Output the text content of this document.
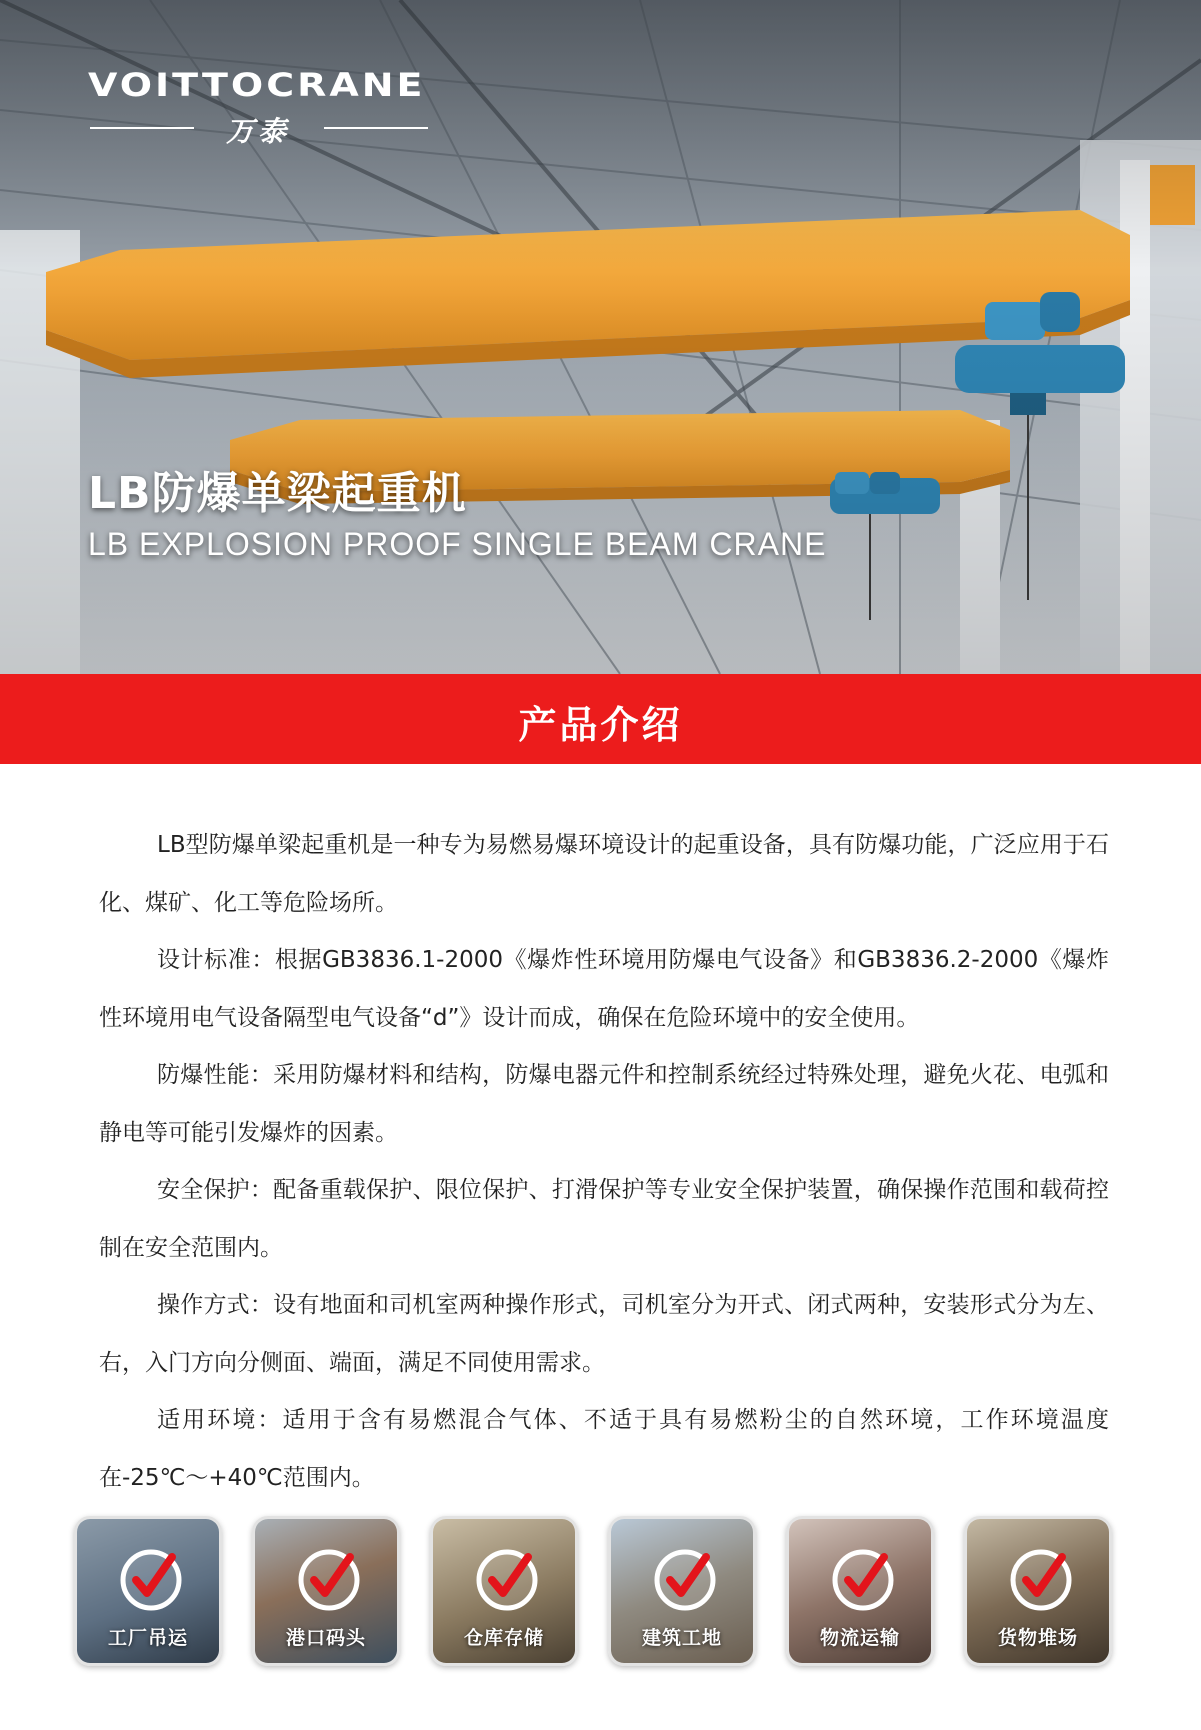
VOITTOCRANE
万泰
LB防爆单梁起重机
LB EXPLOSION PROOF SINGLE BEAM CRANE
产品介绍

LB型防爆单梁起重机是一种专为易燃易爆环境设计的起重设备，具有防爆功能，广泛应用于石化、煤矿、化工等危险场所。

设计标准：根据GB3836.1-2000《爆炸性环境用防爆电气设备》和GB3836.2-2000《爆炸性环境用电气设备隔型电气设备“d”》设计而成，确保在危险环境中的安全使用。

防爆性能：采用防爆材料和结构，防爆电器元件和控制系统经过特殊处理，避免火花、电弧和静电等可能引发爆炸的因素。

安全保护：配备重载保护、限位保护、打滑保护等专业安全保护装置，确保操作范围和载荷控制在安全范围内。

操作方式：设有地面和司机室两种操作形式，司机室分为开式、闭式两种，安装形式分为左、右，入门方向分侧面、端面，满足不同使用需求。

适用环境：适用于含有易燃混合气体、不适于具有易燃粉尘的自然环境，工作环境温度在-25℃～+40℃范围内。

工厂吊运	港口码头	仓库存储	建筑工地	物流运输	货物堆场
